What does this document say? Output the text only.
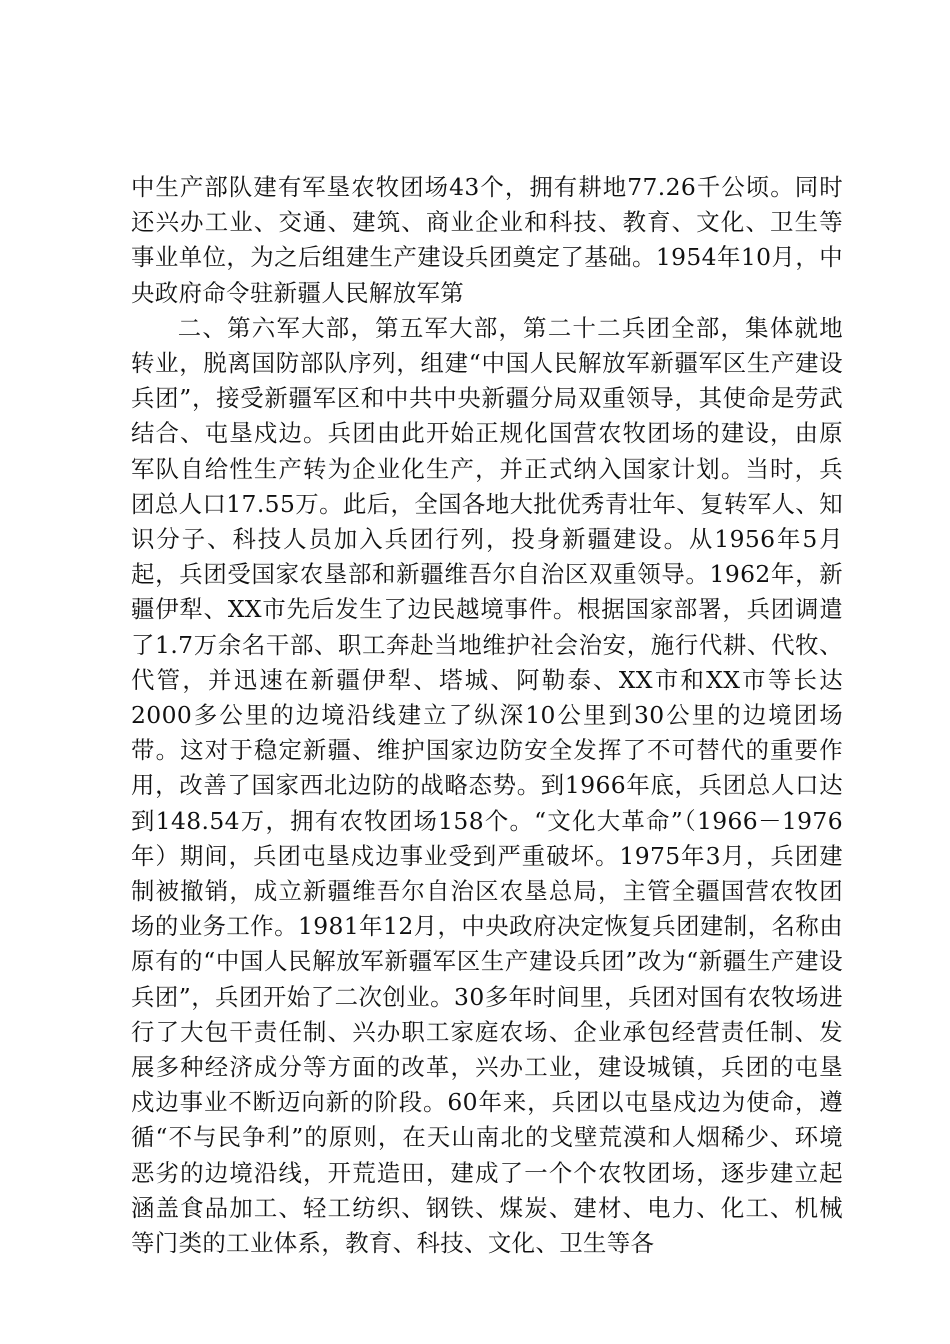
中生产部队建有军垦农牧团场43个，拥有耕地77.26千公顷。同时还兴办工业、交通、建筑、商业企业和科技、教育、文化、卫生等事业单位，为之后组建生产建设兵团奠定了基础。1954年10月，中央政府命令驻新疆人民解放军第

二、第六军大部，第五军大部，第二十二兵团全部，集体就地转业，脱离国防部队序列，组建“中国人民解放军新疆军区生产建设兵团”，接受新疆军区和中共中央新疆分局双重领导，其使命是劳武结合、屯垦戍边。兵团由此开始正规化国营农牧团场的建设，由原军队自给性生产转为企业化生产，并正式纳入国家计划。当时，兵团总人口17.55万。此后，全国各地大批优秀青壮年、复转军人、知识分子、科技人员加入兵团行列，投身新疆建设。从1956年5月起，兵团受国家农垦部和新疆维吾尔自治区双重领导。1962年，新疆伊犁、XX市先后发生了边民越境事件。根据国家部署，兵团调遣了1.7万余名干部、职工奔赴当地维护社会治安，施行代耕、代牧、代管，并迅速在新疆伊犁、塔城、阿勒泰、XX市和XX市等长达2000多公里的边境沿线建立了纵深10公里到30公里的边境团场带。这对于稳定新疆、维护国家边防安全发挥了不可替代的重要作用，改善了国家西北边防的战略态势。到1966年底，兵团总人口达到148.54万，拥有农牧团场158个。“文化大革命”（1966－1976年）期间，兵团屯垦戍边事业受到严重破坏。1975年3月，兵团建制被撤销，成立新疆维吾尔自治区农垦总局，主管全疆国营农牧团场的业务工作。1981年12月，中央政府决定恢复兵团建制，名称由原有的“中国人民解放军新疆军区生产建设兵团”改为“新疆生产建设兵团”，兵团开始了二次创业。30多年时间里，兵团对国有农牧场进行了大包干责任制、兴办职工家庭农场、企业承包经营责任制、发展多种经济成分等方面的改革，兴办工业，建设城镇，兵团的屯垦戍边事业不断迈向新的阶段。60年来，兵团以屯垦戍边为使命，遵循“不与民争利”的原则，在天山南北的戈壁荒漠和人烟稀少、环境恶劣的边境沿线，开荒造田，建成了一个个农牧团场，逐步建立起涵盖食品加工、轻工纺织、钢铁、煤炭、建材、电力、化工、机械等门类的工业体系，教育、科技、文化、卫生等各
